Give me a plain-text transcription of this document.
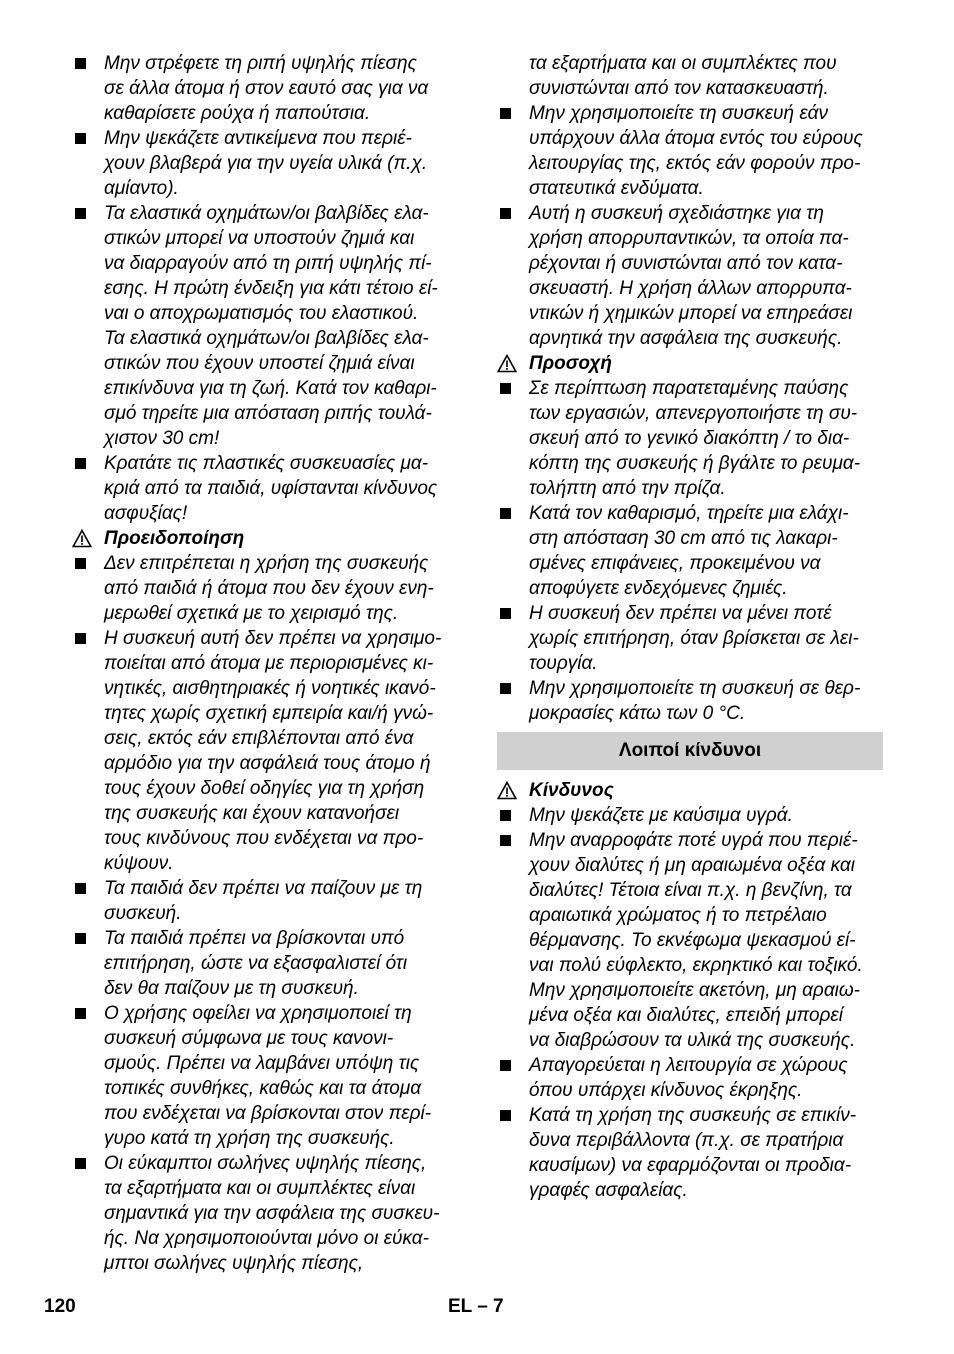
Μην στρέφετε τη ριπή υψηλής πίεσης
σε άλλα άτομα ή στον εαυτό σας για να
καθαρίσετε ρούχα ή παπούτσια.
Μην ψεκάζετε αντικείμενα που περιέ-
χουν βλαβερά για την υγεία υλικά (π.χ.
αμίαντο).
Τα ελαστικά οχημάτων/οι βαλβίδες ελα-
στικών μπορεί να υποστούν ζημιά και
να διαρραγούν από τη ριπή υψηλής πί-
εσης. Η πρώτη ένδειξη για κάτι τέτοιο εί-
ναι ο αποχρωματισμός του ελαστικού.
Τα ελαστικά οχημάτων/οι βαλβίδες ελα-
στικών που έχουν υποστεί ζημιά είναι
επικίνδυνα για τη ζωή. Κατά τον καθαρι-
σμό τηρείτε μια απόσταση ριπής τουλά-
χιστον 30 cm!
Κρατάτε τις πλαστικές συσκευασίες μα-
κριά από τα παιδιά, υφίστανται κίνδυνος
ασφυξίας!
Προειδοποίηση
Δεν επιτρέπεται η χρήση της συσκευής
από παιδιά ή άτομα που δεν έχουν ενη-
μερωθεί σχετικά με το χειρισμό της.
Η συσκευή αυτή δεν πρέπει να χρησιμο-
ποιείται από άτομα με περιορισμένες κι-
νητικές, αισθητηριακές ή νοητικές ικανό-
τητες χωρίς σχετική εμπειρία και/ή γνώ-
σεις, εκτός εάν επιβλέπονται από ένα
αρμόδιο για την ασφάλειά τους άτομο ή
τους έχουν δοθεί οδηγίες για τη χρήση
της συσκευής και έχουν κατανοήσει
τους κινδύνους που ενδέχεται να προ-
κύψουν.
Τα παιδιά δεν πρέπει να παίζουν με τη
συσκευή.
Τα παιδιά πρέπει να βρίσκονται υπό
επιτήρηση, ώστε να εξασφαλιστεί ότι
δεν θα παίζουν με τη συσκευή.
Ο χρήσης οφείλει να χρησιμοποιεί τη
συσκευή σύμφωνα με τους κανονι-
σμούς. Πρέπει να λαμβάνει υπόψη τις
τοπικές συνθήκες, καθώς και τα άτομα
που ενδέχεται να βρίσκονται στον περί-
γυρο κατά τη χρήση της συσκευής.
Οι εύκαμπτοι σωλήνες υψηλής πίεσης,
τα εξαρτήματα και οι συμπλέκτες είναι
σημαντικά για την ασφάλεια της συσκευ-
ής. Να χρησιμοποιούνται μόνο οι εύκα-
μπτοι σωλήνες υψηλής πίεσης,
τα εξαρτήματα και οι συμπλέκτες που
συνιστώνται από τον κατασκευαστή.
Μην χρησιμοποιείτε τη συσκευή εάν
υπάρχουν άλλα άτομα εντός του εύρους
λειτουργίας της, εκτός εάν φορούν προ-
στατευτικά ενδύματα.
Αυτή η συσκευή σχεδιάστηκε για τη
χρήση απορρυπαντικών, τα οποία πα-
ρέχονται ή συνιστώνται από τον κατα-
σκευαστή. Η χρήση άλλων απορρυπα-
ντικών ή χημικών μπορεί να επηρεάσει
αρνητικά την ασφάλεια της συσκευής.
Προσοχή
Σε περίπτωση παρατεταμένης παύσης
των εργασιών, απενεργοποιήστε τη συ-
σκευή από το γενικό διακόπτη / το δια-
κόπτη της συσκευής ή βγάλτε το ρευμα-
τολήπτη από την πρίζα.
Κατά τον καθαρισμό, τηρείτε μια ελάχι-
στη απόσταση 30 cm από τις λακαρι-
σμένες επιφάνειες, προκειμένου να
αποφύγετε ενδεχόμενες ζημιές.
Η συσκευή δεν πρέπει να μένει ποτέ
χωρίς επιτήρηση, όταν βρίσκεται σε λει-
τουργία.
Μην χρησιμοποιείτε τη συσκευή σε θερ-
μοκρασίες κάτω των 0 °C.
Λοιποί κίνδυνοι
Κίνδυνος
Μην ψεκάζετε με καύσιμα υγρά.
Μην αναρροφάτε ποτέ υγρά που περιέ-
χουν διαλύτες ή μη αραιωμένα οξέα και
διαλύτες! Τέτοια είναι π.χ. η βενζίνη, τα
αραιωτικά χρώματος ή το πετρέλαιο
θέρμανσης. Το εκνέφωμα ψεκασμού εί-
ναι πολύ εύφλεκτο, εκρηκτικό και τοξικό.
Μην χρησιμοποιείτε ακετόνη, μη αραιω-
μένα οξέα και διαλύτες, επειδή μπορεί
να διαβρώσουν τα υλικά της συσκευής.
Απαγορεύεται η λειτουργία σε χώρους
όπου υπάρχει κίνδυνος έκρηξης.
Κατά τη χρήση της συσκευής σε επικίν-
δυνα περιβάλλοντα (π.χ. σε πρατήρια
καυσίμων) να εφαρμόζονται οι προδια-
γραφές ασφαλείας.
120	EL – 7
